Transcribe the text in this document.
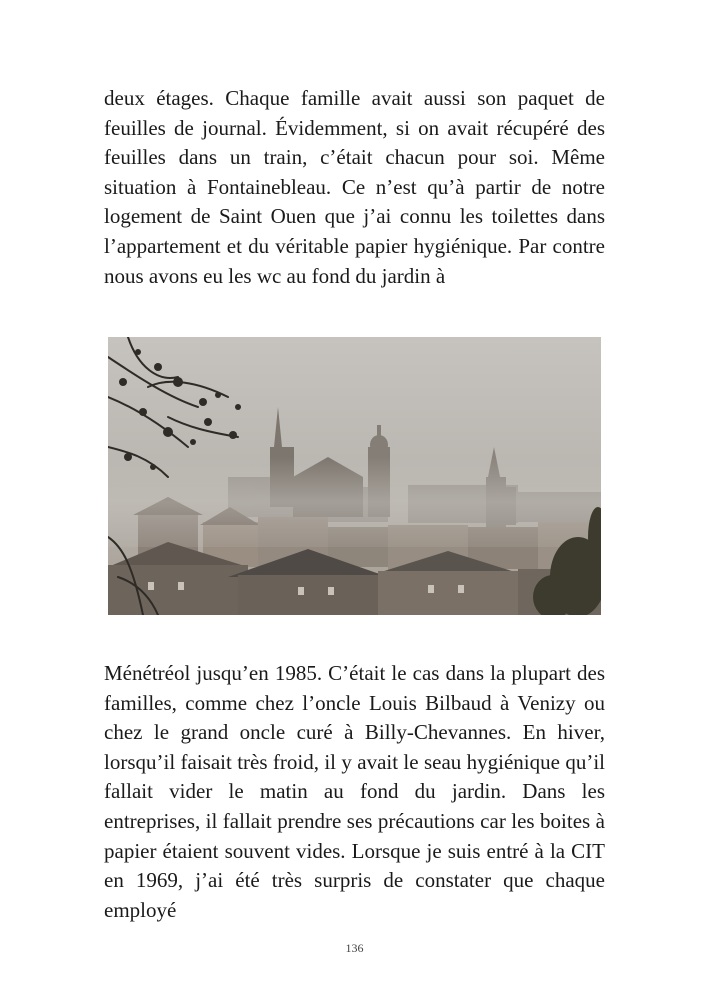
deux étages. Chaque famille avait aussi son paquet de feuilles de journal. Évidemment, si on avait récupéré des feuilles dans un train, c’était chacun pour soi. Même situation à Fontainebleau. Ce n’est qu’à partir de notre logement de Saint Ouen que j’ai connu les toilettes dans l’appartement et du véritable papier hygiénique. Par contre nous avons eu les wc au fond du jardin à

Ménétréol jusqu’en 1985. C’était le cas dans la plupart des familles, comme chez l’oncle Louis Bilbaud à Venizy ou chez le grand oncle curé à Billy-Chevannes. En hiver, lorsqu’il faisait très froid, il y avait le seau hygiénique qu’il fallait vider le matin au fond du jardin. Dans les entreprises, il fallait prendre ses précautions car les boites à papier étaient souvent vides. Lorsque je suis entré à la CIT en 1969, j’ai été très surpris de constater que chaque employé

136
